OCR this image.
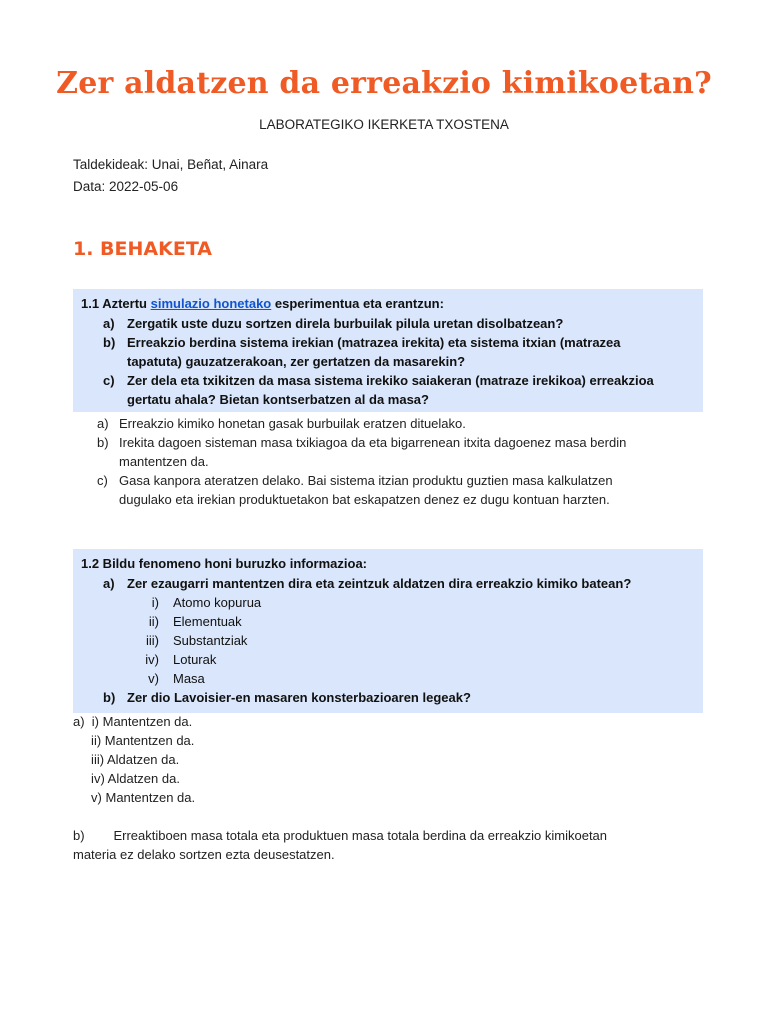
Zer aldatzen da erreakzio kimikoetan?
LABORATEGIKO IKERKETA TXOSTENA
Taldekideak: Unai, Beñat, Ainara
Data: 2022-05-06
1. BEHAKETA
1.1 Aztertu simulazio honetako esperimentua eta erantzun:
a) Zergatik uste duzu sortzen direla burbuilak pilula uretan disolbatzean?
b) Erreakzio berdina sistema irekian (matrazea irekita) eta sistema itxian (matrazea
tapatuta) gauzatzerakoan, zer gertatzen da masarekin?
c) Zer dela eta txikitzen da masa sistema irekiko saiakeran (matraze irekikoa) erreakzioa
gertatu ahala? Bietan kontserbatzen al da masa?
a) Erreakzio kimiko honetan gasak burbuilak eratzen dituelako.
b) Irekita dagoen sisteman masa txikiagoa da eta bigarrenean itxita dagoenez masa berdin
mantentzen da.
c) Gasa kanpora ateratzen delako. Bai sistema itzian produktu guztien masa kalkulatzen
dugulako eta irekian produktuetakon bat eskapatzen denez ez dugu kontuan harzten.
1.2 Bildu fenomeno honi buruzko informazioa:
a) Zer ezaugarri mantentzen dira eta zeintzuk aldatzen dira erreakzio kimiko batean?
i) Atomo kopurua
ii) Elementuak
iii) Substantziak
iv) Loturak
v) Masa
b) Zer dio Lavoisier-en masaren konsterbazioaren legeak?
a)  i) Mantentzen da.
ii) Mantentzen da.
iii) Aldatzen da.
iv) Aldatzen da.
v) Mantentzen da.
b)        Erreaktiboen masa totala eta produktuen masa totala berdina da erreakzio kimikoetan
materia ez delako sortzen ezta deusestatzen.
